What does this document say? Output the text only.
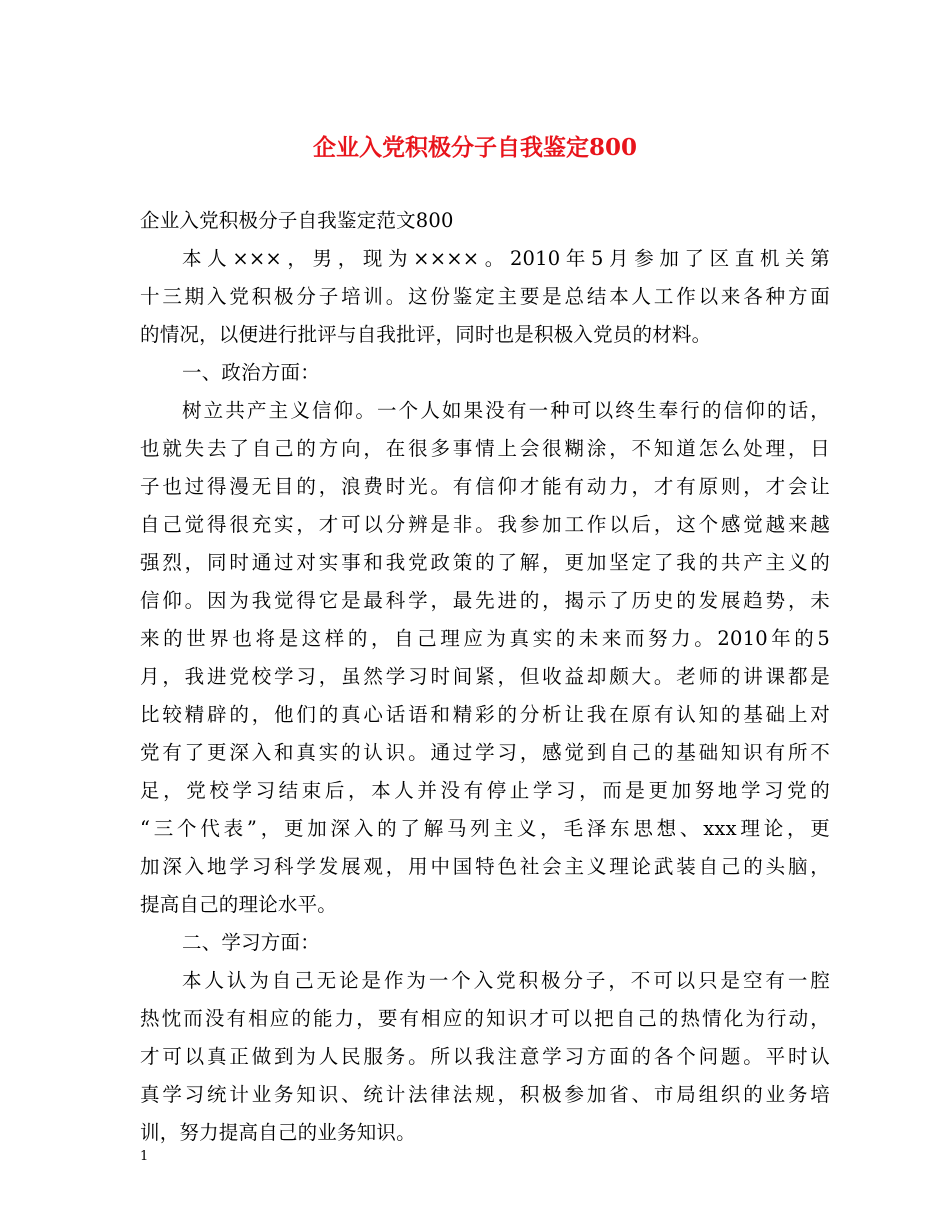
企业入党积极分子自我鉴定800
企业入党积极分子自我鉴定范文800
本人×××，男，现为××××。2010年5月参加了区直机关第
十三期入党积极分子培训。这份鉴定主要是总结本人工作以来各种方面
的情况，以便进行批评与自我批评，同时也是积极入党员的材料。
一、政治方面：
树立共产主义信仰。一个人如果没有一种可以终生奉行的信仰的话，
也就失去了自己的方向，在很多事情上会很糊涂，不知道怎么处理，日
子也过得漫无目的，浪费时光。有信仰才能有动力，才有原则，才会让
自己觉得很充实，才可以分辨是非。我参加工作以后，这个感觉越来越
强烈，同时通过对实事和我党政策的了解，更加坚定了我的共产主义的
信仰。因为我觉得它是最科学，最先进的，揭示了历史的发展趋势，未
来的世界也将是这样的，自己理应为真实的未来而努力。2010年的5
月，我进党校学习，虽然学习时间紧，但收益却颇大。老师的讲课都是
比较精辟的，他们的真心话语和精彩的分析让我在原有认知的基础上对
党有了更深入和真实的认识。通过学习，感觉到自己的基础知识有所不
足，党校学习结束后，本人并没有停止学习，而是更加努地学习党的
“三个代表”，更加深入的了解马列主义，毛泽东思想、xxx理论，更
加深入地学习科学发展观，用中国特色社会主义理论武装自己的头脑，
提高自己的理论水平。
二、学习方面：
本人认为自己无论是作为一个入党积极分子，不可以只是空有一腔
热忱而没有相应的能力，要有相应的知识才可以把自己的热情化为行动，
才可以真正做到为人民服务。所以我注意学习方面的各个问题。平时认
真学习统计业务知识、统计法律法规，积极参加省、市局组织的业务培
训，努力提高自己的业务知识。
1
